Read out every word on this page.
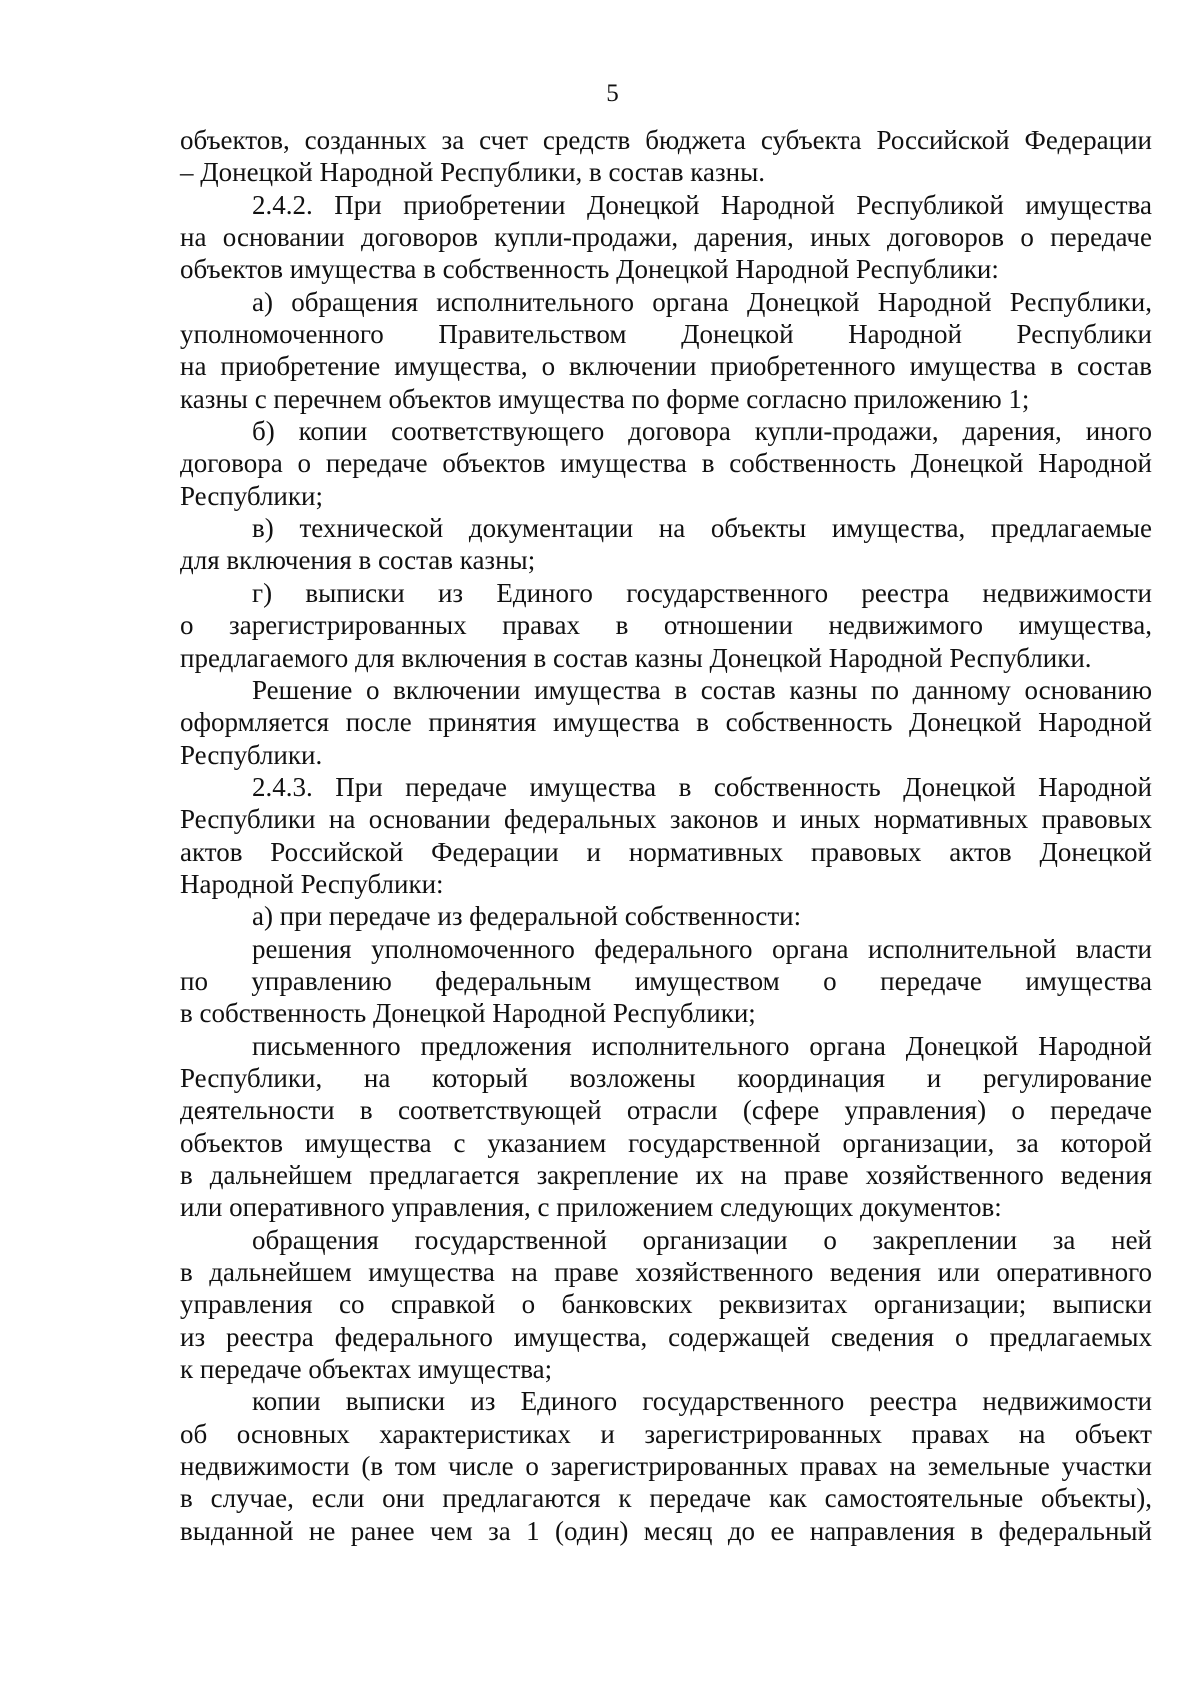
5
объектов, созданных за счет средств бюджета субъекта Российской Федерации
– Донецкой Народной Республики, в состав казны.
2.4.2. При приобретении Донецкой Народной Республикой имущества
на основании договоров купли-продажи, дарения, иных договоров о передаче
объектов имущества в собственность Донецкой Народной Республики:
а) обращения исполнительного органа Донецкой Народной Республики,
уполномоченного Правительством Донецкой Народной Республики
на приобретение имущества, о включении приобретенного имущества в состав
казны с перечнем объектов имущества по форме согласно приложению 1;
б) копии соответствующего договора купли-продажи, дарения, иного
договора о передаче объектов имущества в собственность Донецкой Народной
Республики;
в) технической документации на объекты имущества, предлагаемые
для включения в состав казны;
г) выписки из Единого государственного реестра недвижимости
о зарегистрированных правах в отношении недвижимого имущества,
предлагаемого для включения в состав казны Донецкой Народной Республики.
Решение о включении имущества в состав казны по данному основанию
оформляется после принятия имущества в собственность Донецкой Народной
Республики.
2.4.3. При передаче имущества в собственность Донецкой Народной
Республики на основании федеральных законов и иных нормативных правовых
актов Российской Федерации и нормативных правовых актов Донецкой
Народной Республики:
а) при передаче из федеральной собственности:
решения уполномоченного федерального органа исполнительной власти
по управлению федеральным имуществом о передаче имущества
в собственность Донецкой Народной Республики;
письменного предложения исполнительного органа Донецкой Народной
Республики, на который возложены координация и регулирование
деятельности в соответствующей отрасли (сфере управления) о передаче
объектов имущества с указанием государственной организации, за которой
в дальнейшем предлагается закрепление их на праве хозяйственного ведения
или оперативного управления, с приложением следующих документов:
обращения государственной организации о закреплении за ней
в дальнейшем имущества на праве хозяйственного ведения или оперативного
управления со справкой о банковских реквизитах организации; выписки
из реестра федерального имущества, содержащей сведения о предлагаемых
к передаче объектах имущества;
копии выписки из Единого государственного реестра недвижимости
об основных характеристиках и зарегистрированных правах на объект
недвижимости (в том числе о зарегистрированных правах на земельные участки
в случае, если они предлагаются к передаче как самостоятельные объекты),
выданной не ранее чем за 1 (один) месяц до ее направления в федеральный
